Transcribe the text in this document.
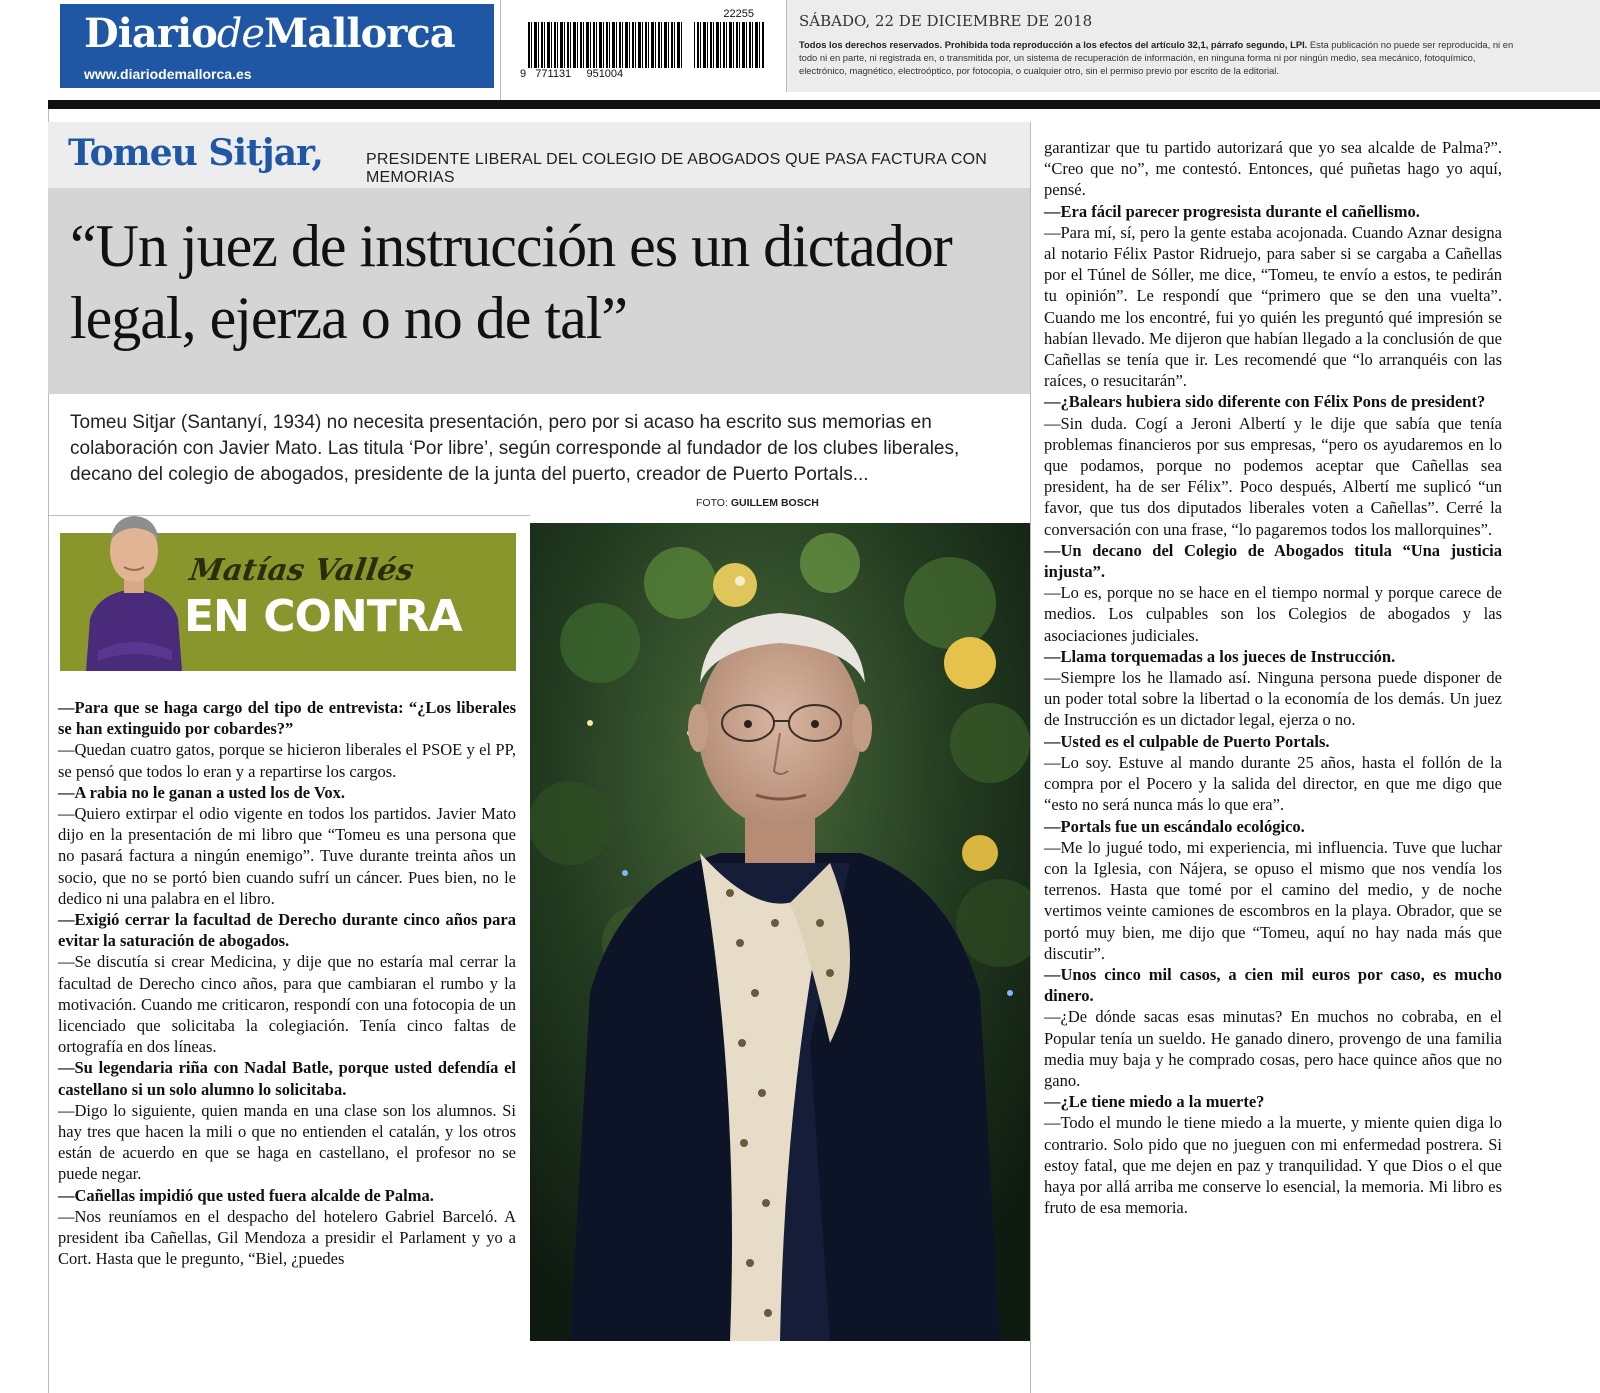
DiariodeMallorca
www.diariodemallorca.es
22255
9   771131     951004
SÁBADO, 22 DE DICIEMBRE DE 2018
Todos los derechos reservados. Prohibida toda reproducción a los efectos del artículo 32,1, párrafo segundo, LPI. Esta publicación no puede ser reproducida, ni en todo ni en parte, ni registrada en, o transmitida por, un sistema de recuperación de información, en ninguna forma ni por ningún medio, sea mecánico, fotoquímico, electrónico, magnético, electroóptico, por fotocopia, o cualquier otro, sin el permiso previo por escrito de la editorial.
Tomeu Sitjar,	PRESIDENTE LIBERAL DEL COLEGIO DE ABOGADOS QUE PASA FACTURA CON MEMORIAS
“Un juez de instrucción es un dictador legal, ejerza o no de tal”
Tomeu Sitjar (Santanyí, 1934) no necesita presentación, pero por si acaso ha escrito sus memorias en colaboración con Javier Mato. Las titula ‘Por libre’, según corresponde al fundador de los clubes liberales, decano del colegio de abogados, presidente de la junta del puerto, creador de Puerto Portals...
FOTO: GUILLEM BOSCH
Matías Vallés
EN CONTRA

—Para que se haga cargo del tipo de entrevista: “¿Los liberales se han extinguido por cobardes?”

—Quedan cuatro gatos, porque se hicieron liberales el PSOE y el PP, se pensó que todos lo eran y a repartirse los cargos.

—A rabia no le ganan a usted los de Vox.

—Quiero extirpar el odio vigente en todos los partidos. Javier Mato dijo en la presentación de mi libro que “Tomeu es una persona que no pasará factura a ningún enemigo”. Tuve durante treinta años un socio, que no se portó bien cuando sufrí un cáncer. Pues bien, no le dedico ni una palabra en el libro.

—Exigió cerrar la facultad de Derecho durante cinco años para evitar la saturación de abogados.

—Se discutía si crear Medicina, y dije que no estaría mal cerrar la facultad de Derecho cinco años, para que cambiaran el rumbo y la motivación. Cuando me criticaron, respondí con una fotocopia de un licenciado que solicitaba la colegiación. Tenía cinco faltas de ortografía en dos líneas.

—Su legendaria riña con Nadal Batle, porque usted defendía el castellano si un solo alumno lo solicitaba.

—Digo lo siguiente, quien manda en una clase son los alumnos. Si hay tres que hacen la mili o que no entienden el catalán, y los otros están de acuerdo en que se haga en castellano, el profesor no se puede negar.

—Cañellas impidió que usted fuera alcalde de Palma.

—Nos reuníamos en el despacho del hotelero Gabriel Barceló. A president iba Cañellas, Gil Mendoza a presidir el Parlament y yo a Cort. Hasta que le pregunto, “Biel, ¿puedes

garantizar que tu partido autorizará que yo sea alcalde de Palma?”. “Creo que no”, me contestó. Entonces, qué puñetas hago yo aquí, pensé.

—Era fácil parecer progresista durante el cañellismo.

—Para mí, sí, pero la gente estaba acojonada. Cuando Aznar designa al notario Félix Pastor Ridruejo, para saber si se cargaba a Cañellas por el Túnel de Sóller, me dice, “Tomeu, te envío a estos, te pedirán tu opinión”. Le respondí que “primero que se den una vuelta”. Cuando me los encontré, fui yo quién les preguntó qué impresión se habían llevado. Me dijeron que habían llegado a la conclusión de que Cañellas se tenía que ir. Les recomendé que “lo arranquéis con las raíces, o resucitarán”.

—¿Balears hubiera sido diferente con Félix Pons de president?

—Sin duda. Cogí a Jeroni Albertí y le dije que sabía que tenía problemas financieros por sus empresas, “pero os ayudaremos en lo que podamos, porque no podemos aceptar que Cañellas sea president, ha de ser Félix”. Poco después, Albertí me suplicó “un favor, que tus dos diputados liberales voten a Cañellas”. Cerré la conversación con una frase, “lo pagaremos todos los mallorquines”.

—Un decano del Colegio de Abogados titula “Una justicia injusta”.

—Lo es, porque no se hace en el tiempo normal y porque carece de medios. Los culpables son los Colegios de abogados y las asociaciones judiciales.

—Llama torquemadas a los jueces de Instrucción.

—Siempre los he llamado así. Ninguna persona puede disponer de un poder total sobre la libertad o la economía de los demás. Un juez de Instrucción es un dictador legal, ejerza o no.

—Usted es el culpable de Puerto Portals.

—Lo soy. Estuve al mando durante 25 años, hasta el follón de la compra por el Pocero y la salida del director, en que me digo que “esto no será nunca más lo que era”.

—Portals fue un escándalo ecológico.

—Me lo jugué todo, mi experiencia, mi influencia. Tuve que luchar con la Iglesia, con Nájera, se opuso el mismo que nos vendía los terrenos. Hasta que tomé por el camino del medio, y de noche vertimos veinte camiones de escombros en la playa. Obrador, que se portó muy bien, me dijo que “Tomeu, aquí no hay nada más que discutir”.

—Unos cinco mil casos, a cien mil euros por caso, es mucho dinero.

—¿De dónde sacas esas minutas? En muchos no cobraba, en el Popular tenía un sueldo. He ganado dinero, provengo de una familia media muy baja y he comprado cosas, pero hace quince años que no gano.

—¿Le tiene miedo a la muerte?

—Todo el mundo le tiene miedo a la muerte, y miente quien diga lo contrario. Solo pido que no jueguen con mi enfermedad postrera. Si estoy fatal, que me dejen en paz y tranquilidad. Y que Dios o el que haya por allá arriba me conserve lo esencial, la memoria. Mi libro es fruto de esa memoria.
